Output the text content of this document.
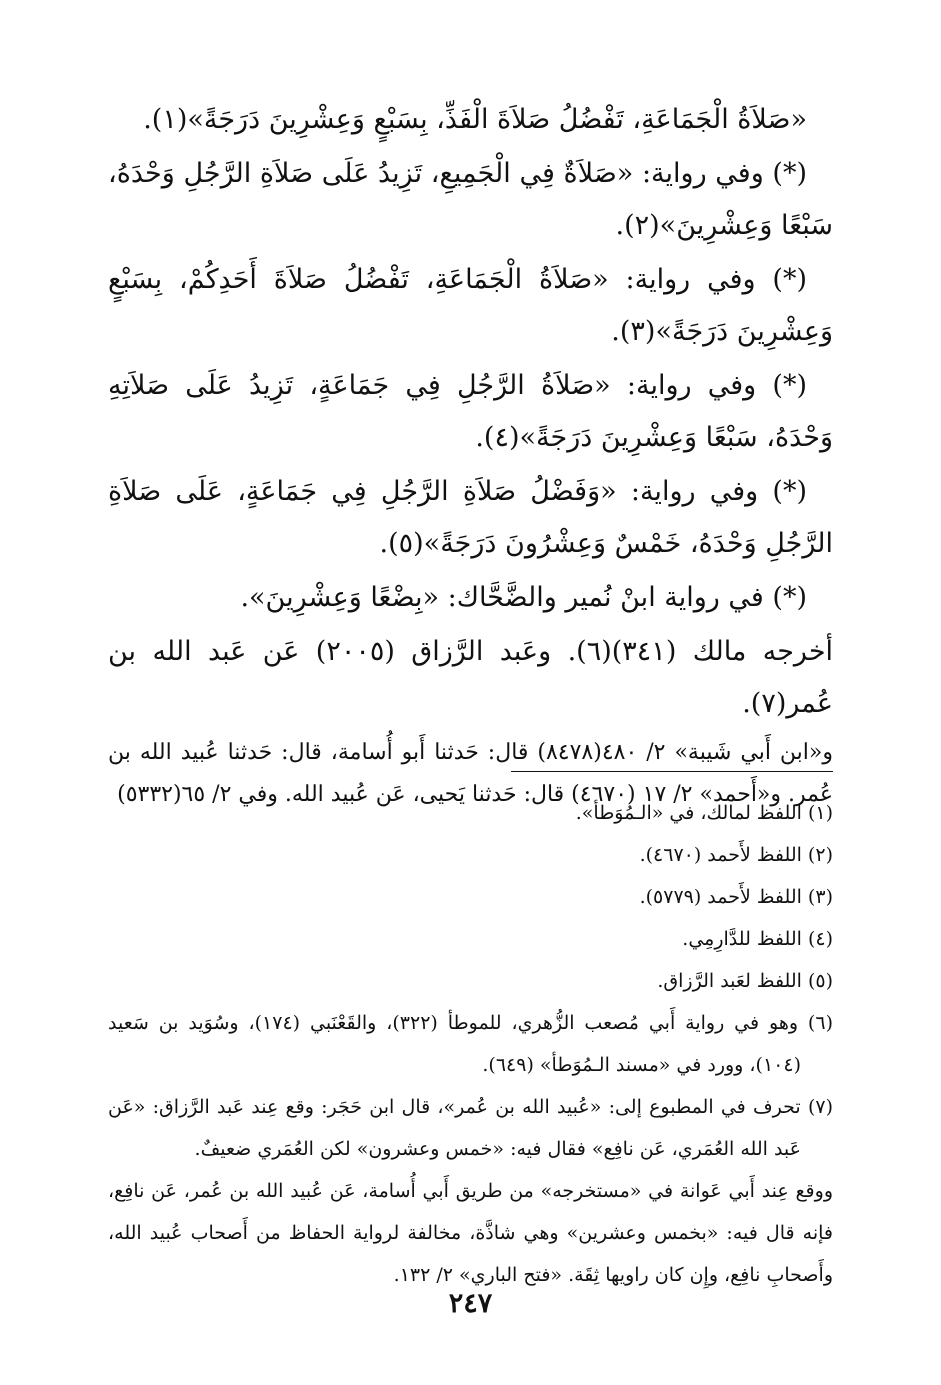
«صَلاَةُ الْجَمَاعَةِ، تَفْضُلُ صَلاَةَ الْفَذِّ، بِسَبْعٍ وَعِشْرِينَ دَرَجَةً»(١).

(*) وفي رواية: «صَلاَةٌ فِي الْجَمِيعِ، تَزِيدُ عَلَى صَلاَةِ الرَّجُلِ وَحْدَهُ، سَبْعًا وَعِشْرِينَ»(٢).

(*) وفي رواية: «صَلاَةُ الْجَمَاعَةِ، تَفْضُلُ صَلاَةَ أَحَدِكُمْ، بِسَبْعٍ وَعِشْرِينَ دَرَجَةً»(٣).

(*) وفي رواية: «صَلاَةُ الرَّجُلِ فِي جَمَاعَةٍ، تَزِيدُ عَلَى صَلاَتِهِ وَحْدَهُ، سَبْعًا وَعِشْرِينَ دَرَجَةً»(٤).

(*) وفي رواية: «وَفَضْلُ صَلاَةِ الرَّجُلِ فِي جَمَاعَةٍ، عَلَى صَلاَةِ الرَّجُلِ وَحْدَهُ، خَمْسٌ وَعِشْرُونَ دَرَجَةً»(٥).

(*) في رواية ابنْ نُمير والضَّحَّاك: «بِضْعًا وَعِشْرِينَ».

أخرجه مالك (٣٤١)(٦). وعَبد الرَّزاق (٢٠٠٥) عَن عَبد الله بن عُمر(٧).

و«ابن أَبي شَيبة» ٢/ ٤٨٠(٨٤٧٨) قال: حَدثنا أَبو أُسامة، قال: حَدثنا عُبيد الله بن عُمر. و«أَحمد» ٢/ ١٧ (٤٦٧٠) قال: حَدثنا يَحيى، عَن عُبيد الله. وفي ٢/ ٦٥(٥٣٣٢)

(١) اللفظ لمالك، في «الـمُوَطأ».

(٢) اللفظ لأَحمد (٤٦٧٠).

(٣) اللفظ لأَحمد (٥٧٧٩).

(٤) اللفظ للدَّارِمِي.

(٥) اللفظ لعَبد الرَّزاق.

(٦) وهو في رواية أَبي مُصعب الزُّهري، للموطأ (٣٢٢)، والقَعْنَبي (١٧٤)، وسُوَيد بن سَعيد (١٠٤)، وورد في «مسند الـمُوَطأ» (٦٤٩).

(٧) تحرف في المطبوع إلى: «عُبيد الله بن عُمر»، قال ابن حَجَر: وقع عِند عَبد الرَّزاق: «عَن عَبد الله العُمَري، عَن نافِع» فقال فيه: «خمس وعشرون» لكن العُمَري ضعيفٌ.

ووقع عِند أَبي عَوانة في «مستخرجه» من طريق أَبي أُسامة، عَن عُبيد الله بن عُمر، عَن نافِع، فإنه قال فيه: «بخمس وعشرين» وهي شاذَّة، مخالفة لرواية الحفاظ من أَصحاب عُبيد الله، وأَصحابِ نافِع، وإِن كان راويها ثِقَة. «فتح الباري» ٢/ ١٣٢.

٢٤٧
